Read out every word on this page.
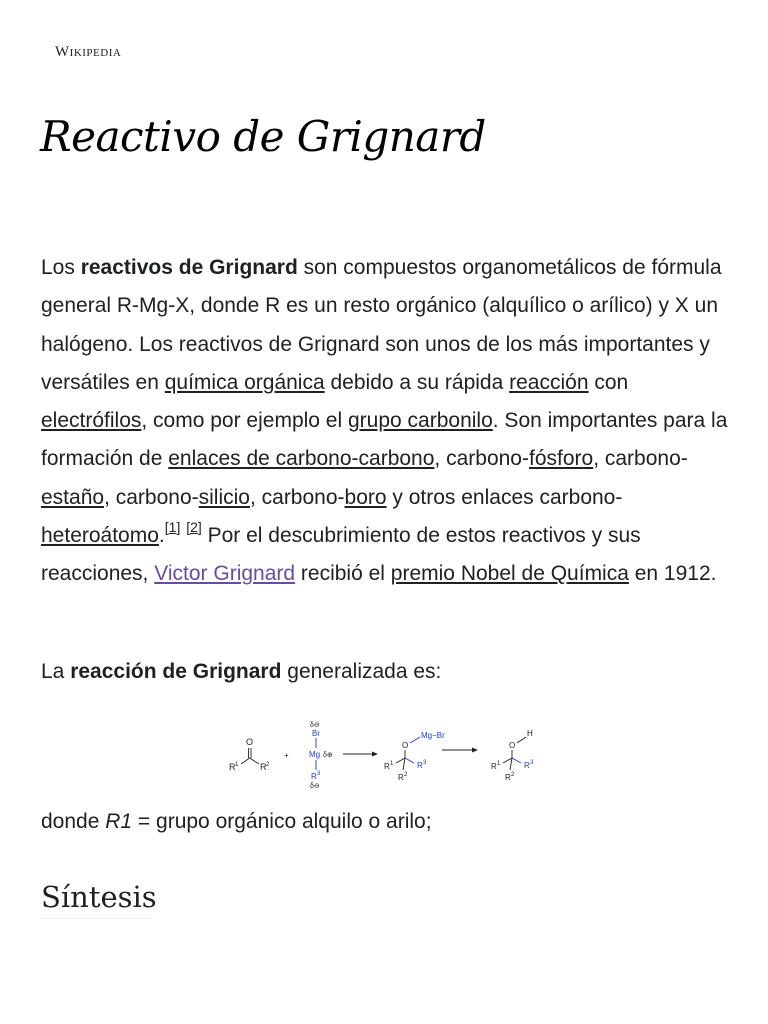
Wikipedia
Reactivo de Grignard

Los reactivos de Grignard son compuestos organometálicos de fórmula general R-Mg-X, donde R es un resto orgánico (alquílico o arílico) y X un halógeno. Los reactivos de Grignard son unos de los más importantes y versátiles en química orgánica debido a su rápida reacción con electrófilos, como por ejemplo el grupo carbonilo. Son importantes para la formación de enlaces de carbono-carbono, carbono-fósforo, carbono-estaño, carbono-silicio, carbono-boro y otros enlaces carbono-heteroátomo.[1] [2] Por el descubrimiento de estos reactivos y sus reacciones, Victor Grignard recibió el premio Nobel de Química en 1912.

La reacción de Grignard generalizada es:

O
R 1 R 2
+
δ⊖
Br
Mg δ⊕
R 3
δ⊖
O
Mg−Br
R 1	R 3
R 2
O
H
R 1	R 3
R 2

donde R1 = grupo orgánico alquilo o arilo;

Síntesis
